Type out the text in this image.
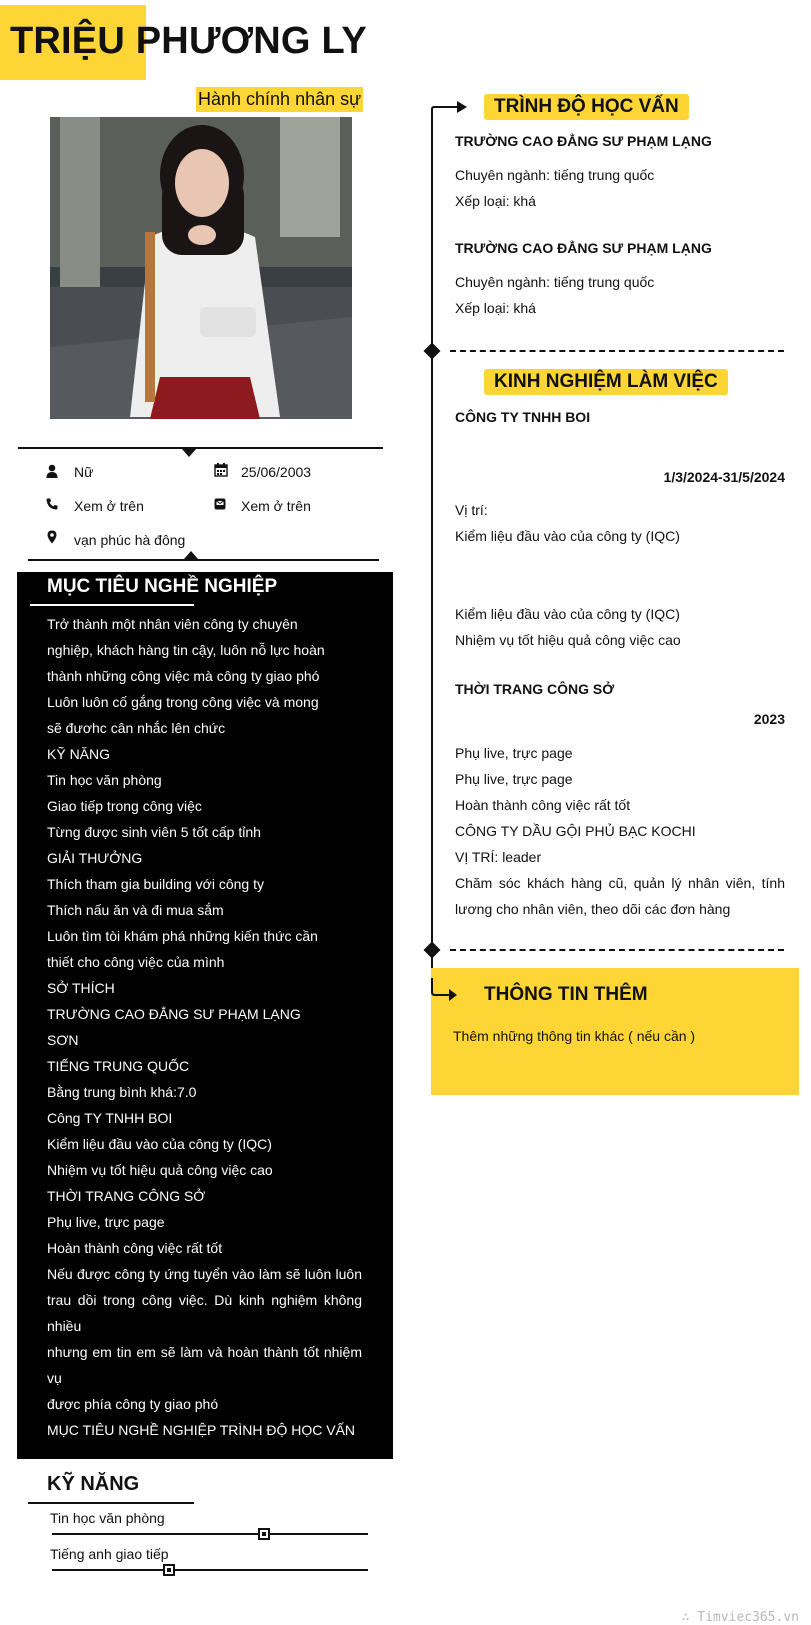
TRIỆU PHƯƠNG LY
Hành chính nhân sự
Nữ	25/06/2003
Xem ở trên	Xem ở trên
vạn phúc hà đông
MỤC TIÊU NGHỀ NGHIỆP
Trở thành một nhân viên công ty chuyên
nghiệp, khách hàng tin cậy, luôn nỗ lực hoàn
thành những công việc mà công ty giao phó
Luôn luôn cố gắng trong công việc và mong
sẽ đươhc cân nhắc lên chức
KỸ NĂNG
Tin học văn phòng
Giao tiếp trong công việc
Từng được sinh viên 5 tốt cấp tỉnh
GIẢI THƯỞNG
Thích tham gia building với công ty
Thích nấu ăn và đi mua sắm
Luôn tìm tòi khám phá những kiến thức cần
thiết cho công việc của mình
SỞ THÍCH
TRƯỜNG CAO ĐẲNG SƯ PHẠM LẠNG
SƠN
TIẾNG TRUNG QUỐC
Bằng trung bình khá:7.0
Công TY TNHH BOI
Kiểm liệu đầu vào của công ty (IQC)
Nhiệm vụ tốt hiệu quả công việc cao
THỜI TRANG CÔNG SỞ
Phụ live, trực page
Hoàn thành công việc rất tốt
Nếu được công ty ứng tuyển vào làm sẽ luôn luôn
trau dồi trong công việc. Dù kinh nghiệm không
nhiều
nhưng em tin em sẽ làm và hoàn thành tốt nhiệm
vụ
được phía công ty giao phó
MỤC TIÊU NGHỀ NGHIỆP TRÌNH ĐỘ HỌC VẤN
KỸ NĂNG
Tin học văn phòng
Tiếng anh giao tiếp
TRÌNH ĐỘ HỌC VẤN
TRƯỜNG CAO ĐẲNG SƯ PHẠM LẠNG
Chuyên ngành: tiếng trung quốc
Xếp loại: khá
TRƯỜNG CAO ĐẲNG SƯ PHẠM LẠNG
Chuyên ngành: tiếng trung quốc
Xếp loại: khá
KINH NGHIỆM LÀM VIỆC
CÔNG TY TNHH BOI
1/3/2024-31/5/2024
Vị trí:
Kiểm liệu đầu vào của công ty (IQC)
Kiểm liệu đầu vào của công ty (IQC)
Nhiệm vụ tốt hiệu quả công việc cao
THỜI TRANG CÔNG SỞ
2023
Phụ live, trực page
Phụ live, trực page
Hoàn thành công việc rất tốt
CÔNG TY DẦU GỘI PHỦ BẠC KOCHI
VỊ TRÍ: leader
Chăm sóc khách hàng cũ, quản lý nhân viên, tính
lương cho nhân viên, theo dõi các đơn hàng
THÔNG TIN THÊM
Thêm những thông tin khác ( nếu cần )
∴ Timviec365.vn
